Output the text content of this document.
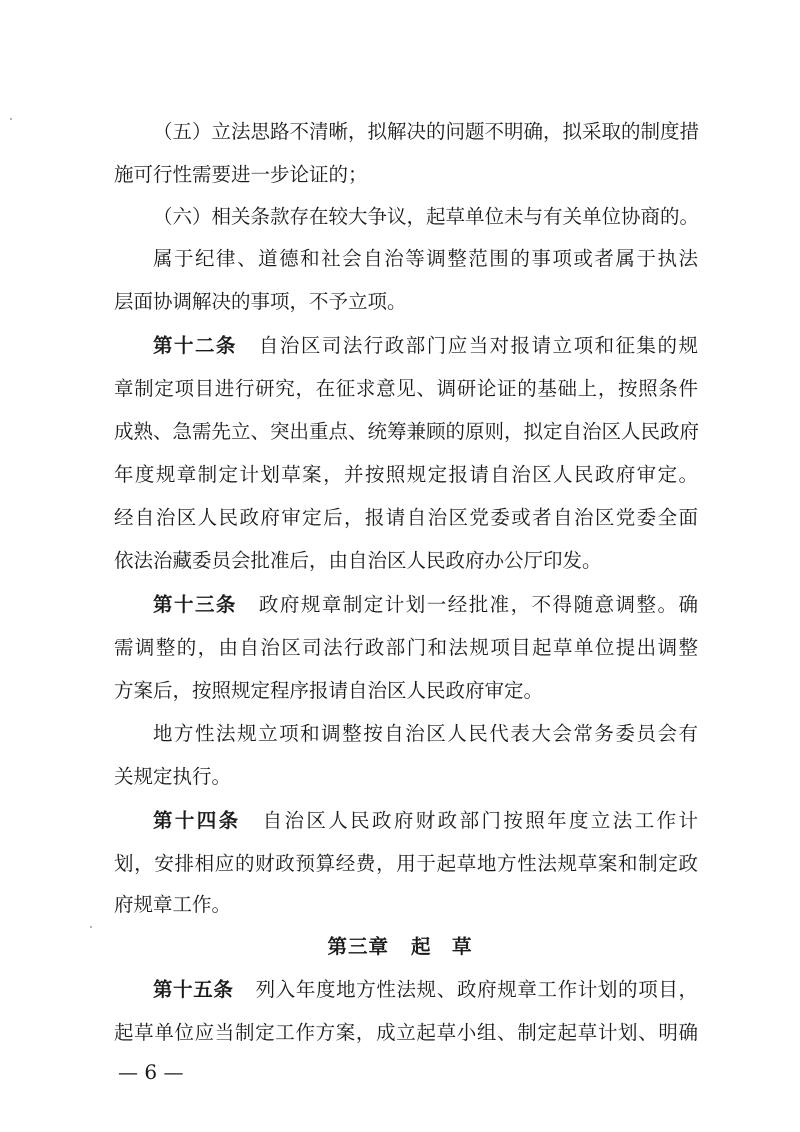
（五）立法思路不清晰，拟解决的问题不明确，拟采取的制度措
施可行性需要进一步论证的；
（六）相关条款存在较大争议，起草单位未与有关单位协商的。
属于纪律、道德和社会自治等调整范围的事项或者属于执法
层面协调解决的事项，不予立项。
第十二条 自治区司法行政部门应当对报请立项和征集的规
章制定项目进行研究，在征求意见、调研论证的基础上，按照条件
成熟、急需先立、突出重点、统筹兼顾的原则，拟定自治区人民政府
年度规章制定计划草案，并按照规定报请自治区人民政府审定。
经自治区人民政府审定后，报请自治区党委或者自治区党委全面
依法治藏委员会批准后，由自治区人民政府办公厅印发。
第十三条 政府规章制定计划一经批准，不得随意调整。确
需调整的，由自治区司法行政部门和法规项目起草单位提出调整
方案后，按照规定程序报请自治区人民政府审定。
地方性法规立项和调整按自治区人民代表大会常务委员会有
关规定执行。
第十四条 自治区人民政府财政部门按照年度立法工作计
第三章 起　草
第十五条 列入年度地方性法规、政府规章工作计划的项目，
起草单位应当制定工作方案，成立起草小组、制定起草计划、明确
— 6 —
划，安排相应的财政预算经费，用于起草地方性法规草案和制定政
府规章工作。
